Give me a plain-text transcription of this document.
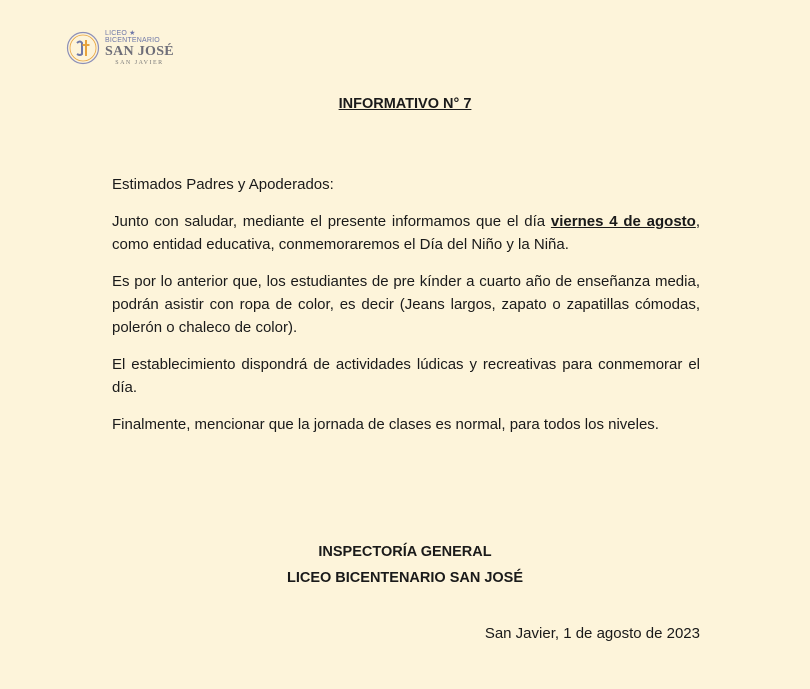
LICEO ★
BICENTENARIO
SAN JOSÉ
SAN JAVIER
INFORMATIVO N° 7

Estimados Padres y Apoderados:

Junto con saludar, mediante el presente informamos que el día viernes 4 de agosto, como entidad educativa, conmemoraremos el Día del Niño y la Niña.

Es por lo anterior que, los estudiantes de pre kínder a cuarto año de enseñanza media, podrán asistir con ropa de color, es decir (Jeans largos, zapato o zapatillas cómodas, polerón o chaleco de color).

El establecimiento dispondrá de actividades lúdicas y recreativas para conmemorar el día.

Finalmente, mencionar que la jornada de clases es normal, para todos los niveles.

INSPECTORÍA GENERAL
LICEO BICENTENARIO SAN JOSÉ
San Javier, 1 de agosto de 2023
